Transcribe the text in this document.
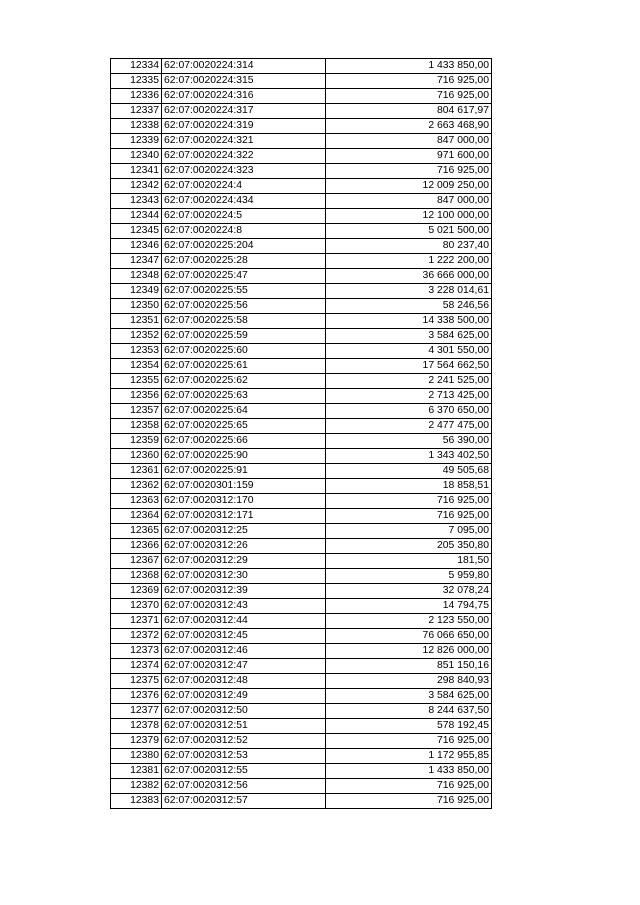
12334	62:07:0020224:314	1 433 850,00
12335	62:07:0020224:315	716 925,00
12336	62:07:0020224:316	716 925,00
12337	62:07:0020224:317	804 617,97
12338	62:07:0020224:319	2 663 468,90
12339	62:07:0020224:321	847 000,00
12340	62:07:0020224:322	971 600,00
12341	62:07:0020224:323	716 925,00
12342	62:07:0020224:4	12 009 250,00
12343	62:07:0020224:434	847 000,00
12344	62:07:0020224:5	12 100 000,00
12345	62:07:0020224:8	5 021 500,00
12346	62:07:0020225:204	80 237,40
12347	62:07:0020225:28	1 222 200,00
12348	62:07:0020225:47	36 666 000,00
12349	62:07:0020225:55	3 228 014,61
12350	62:07:0020225:56	58 246,56
12351	62:07:0020225:58	14 338 500,00
12352	62:07:0020225:59	3 584 625,00
12353	62:07:0020225:60	4 301 550,00
12354	62:07:0020225:61	17 564 662,50
12355	62:07:0020225:62	2 241 525,00
12356	62:07:0020225:63	2 713 425,00
12357	62:07:0020225:64	6 370 650,00
12358	62:07:0020225:65	2 477 475,00
12359	62:07:0020225:66	56 390,00
12360	62:07:0020225:90	1 343 402,50
12361	62:07:0020225:91	49 505,68
12362	62:07:0020301:159	18 858,51
12363	62:07:0020312:170	716 925,00
12364	62:07:0020312:171	716 925,00
12365	62:07:0020312:25	7 095,00
12366	62:07:0020312:26	205 350,80
12367	62:07:0020312:29	181,50
12368	62:07:0020312:30	5 959,80
12369	62:07:0020312:39	32 078,24
12370	62:07:0020312:43	14 794,75
12371	62:07:0020312:44	2 123 550,00
12372	62:07:0020312:45	76 066 650,00
12373	62:07:0020312:46	12 826 000,00
12374	62:07:0020312:47	851 150,16
12375	62:07:0020312:48	298 840,93
12376	62:07:0020312:49	3 584 625,00
12377	62:07:0020312:50	8 244 637,50
12378	62:07:0020312:51	578 192,45
12379	62:07:0020312:52	716 925,00
12380	62:07:0020312:53	1 172 955,85
12381	62:07:0020312:55	1 433 850,00
12382	62:07:0020312:56	716 925,00
12383	62:07:0020312:57	716 925,00
